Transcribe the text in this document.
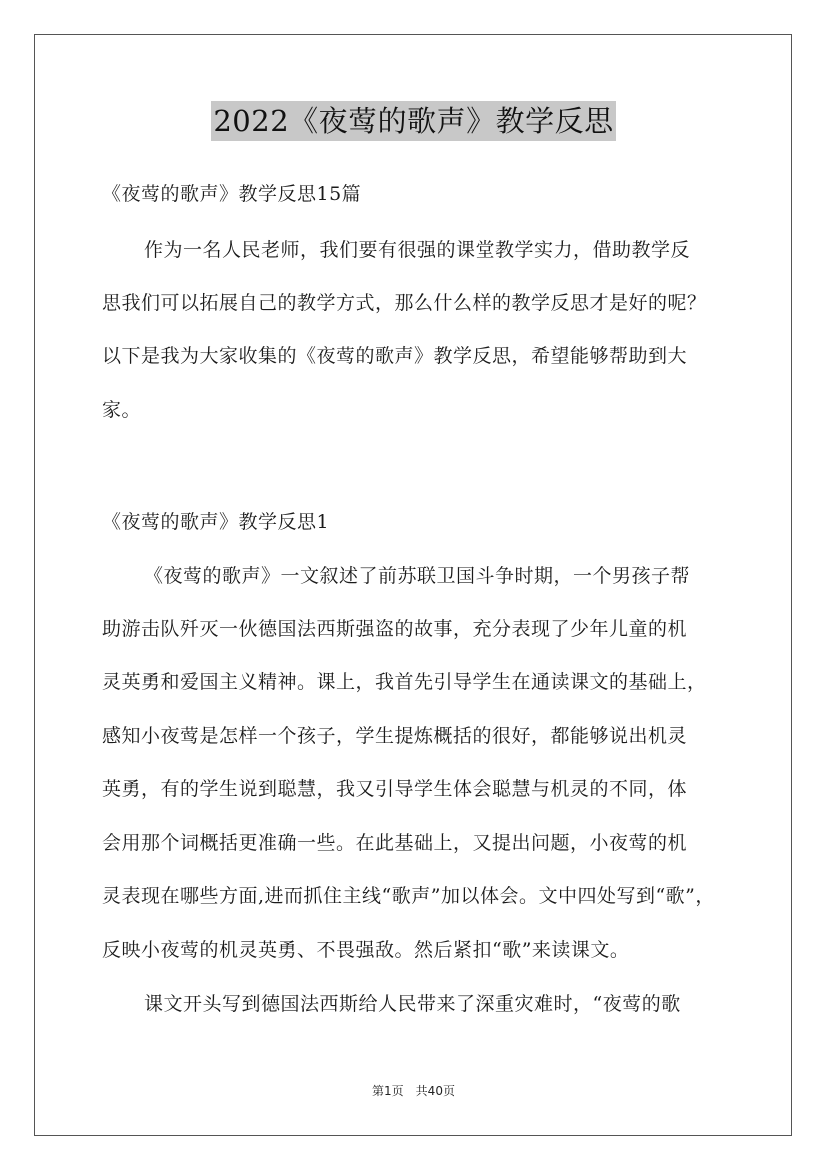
2022《夜莺的歌声》教学反思
《夜莺的歌声》教学反思15篇
作为一名人民老师，我们要有很强的课堂教学实力，借助教学反
思我们可以拓展自己的教学方式，那么什么样的教学反思才是好的呢？
以下是我为大家收集的《夜莺的歌声》教学反思，希望能够帮助到大
家。
《夜莺的歌声》教学反思1
《夜莺的歌声》一文叙述了前苏联卫国斗争时期，一个男孩子帮
助游击队歼灭一伙德国法西斯强盗的故事，充分表现了少年儿童的机
灵英勇和爱国主义精神。课上，我首先引导学生在通读课文的基础上，
感知小夜莺是怎样一个孩子，学生提炼概括的很好，都能够说出机灵
英勇，有的学生说到聪慧，我又引导学生体会聪慧与机灵的不同，体
会用那个词概括更准确一些。在此基础上，又提出问题，小夜莺的机
灵表现在哪些方面,进而抓住主线“歌声”加以体会。文中四处写到“歌”，
反映小夜莺的机灵英勇、不畏强敌。然后紧扣“歌”来读课文。
课文开头写到德国法西斯给人民带来了深重灾难时，“夜莺的歌
第1页　共40页
